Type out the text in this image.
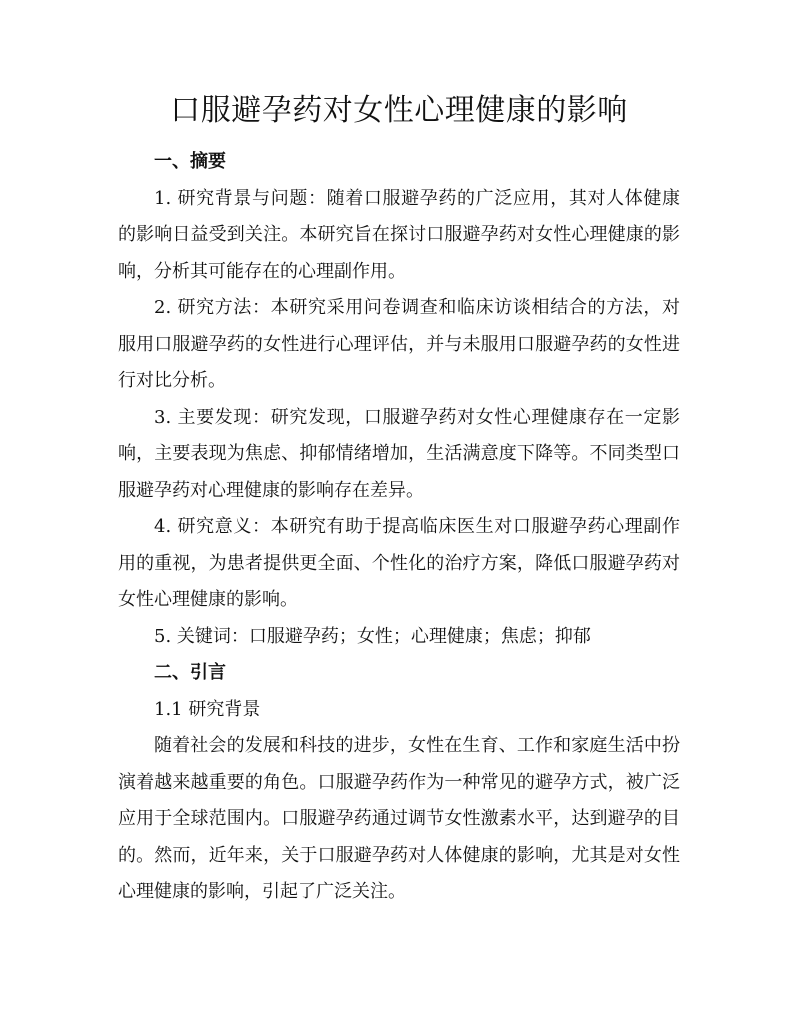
口服避孕药对女性心理健康的影响

一、摘要

1. 研究背景与问题：随着口服避孕药的广泛应用，其对人体健康的影响日益受到关注。本研究旨在探讨口服避孕药对女性心理健康的影响，分析其可能存在的心理副作用。

2. 研究方法：本研究采用问卷调查和临床访谈相结合的方法，对服用口服避孕药的女性进行心理评估，并与未服用口服避孕药的女性进行对比分析。

3. 主要发现：研究发现，口服避孕药对女性心理健康存在一定影响，主要表现为焦虑、抑郁情绪增加，生活满意度下降等。不同类型口服避孕药对心理健康的影响存在差异。

4. 研究意义：本研究有助于提高临床医生对口服避孕药心理副作用的重视，为患者提供更全面、个性化的治疗方案，降低口服避孕药对女性心理健康的影响。

5. 关键词：口服避孕药；女性；心理健康；焦虑；抑郁

二、引言

1.1 研究背景

随着社会的发展和科技的进步，女性在生育、工作和家庭生活中扮演着越来越重要的角色。口服避孕药作为一种常见的避孕方式，被广泛应用于全球范围内。口服避孕药通过调节女性激素水平，达到避孕的目的。然而，近年来，关于口服避孕药对人体健康的影响，尤其是对女性心理健康的影响，引起了广泛关注。
